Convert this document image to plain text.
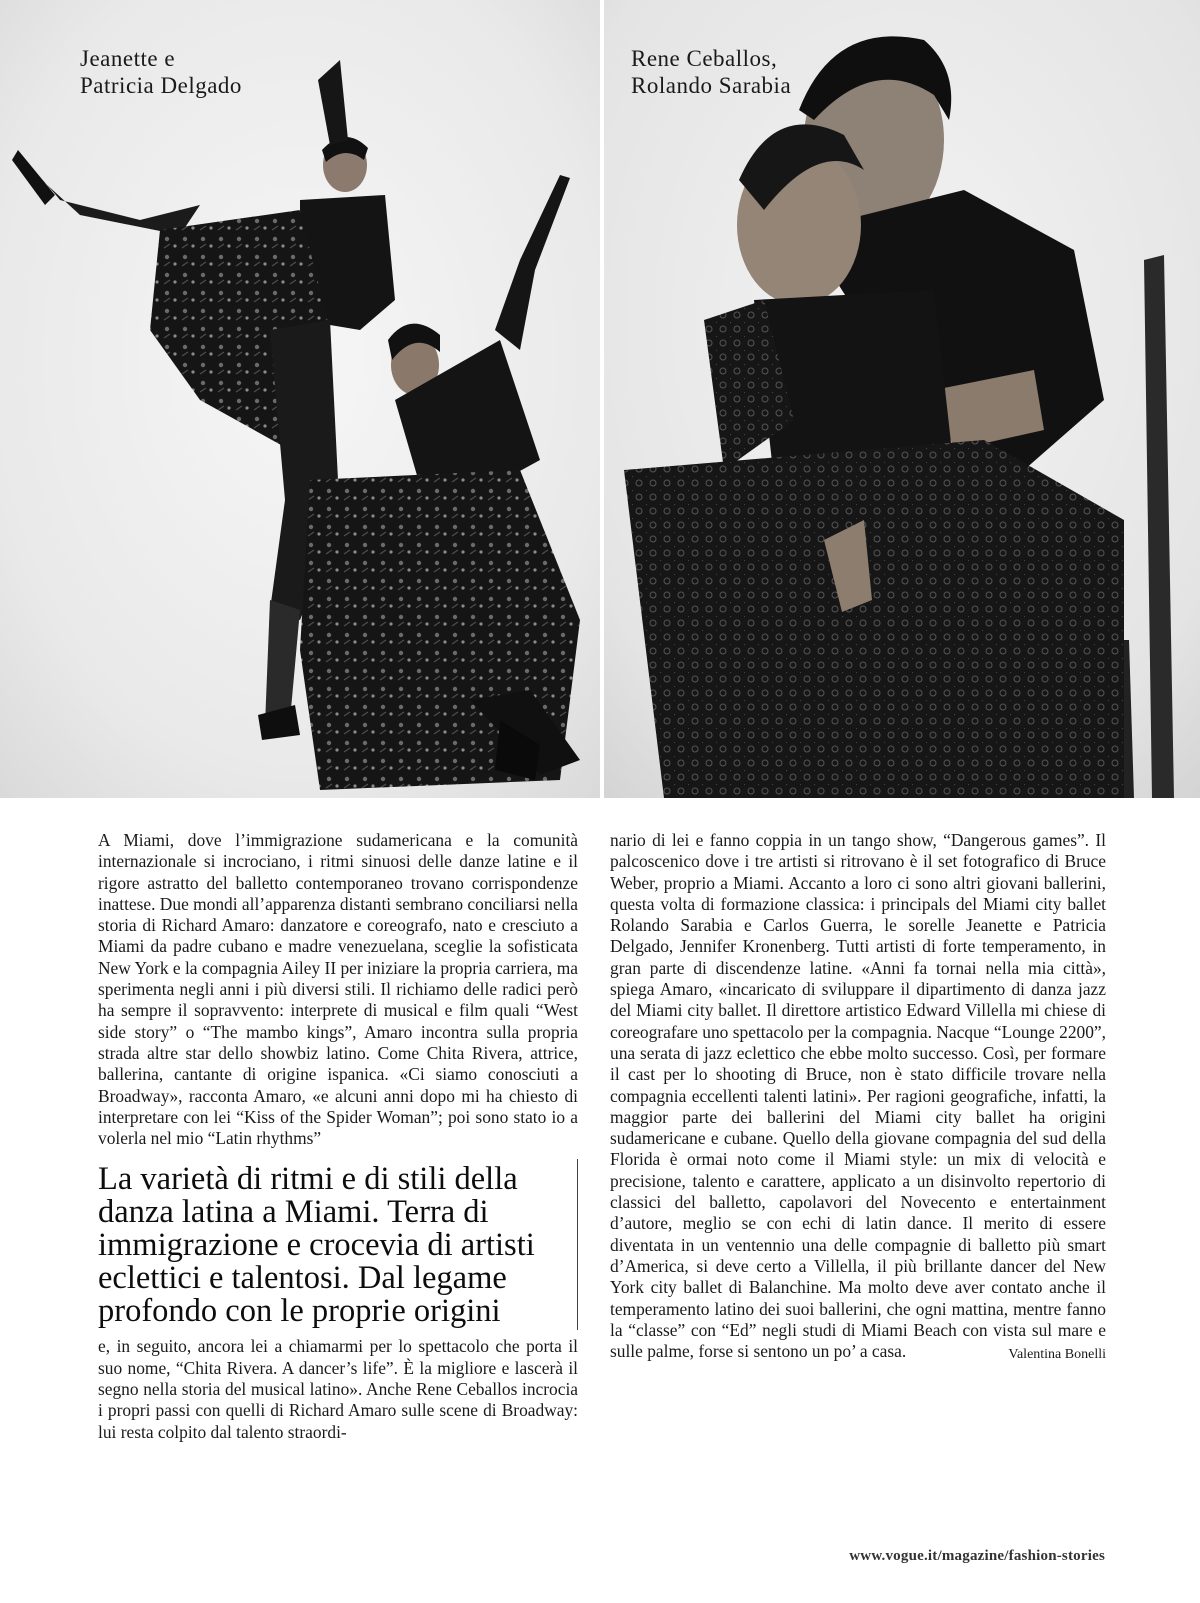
Jeanette e
Patricia Delgado
Rene Ceballos,
Rolando Sarabia

A Miami, dove l’immigrazione sudamericana e la comunità internazionale si incrociano, i ritmi sinuosi delle danze latine e il rigore astratto del balletto contemporaneo trovano corrispondenze inattese. Due mondi all’apparenza distanti sembrano conciliarsi nella storia di Richard Amaro: danzatore e coreografo, nato e cresciuto a Miami da padre cubano e madre venezuelana, sceglie la sofisticata New York e la compagnia Ailey II per iniziare la propria carriera, ma sperimenta negli anni i più diversi stili. Il richiamo delle radici però ha sempre il sopravvento: interprete di musical e film quali “West side story” o “The mambo kings”, Amaro incontra sulla propria strada altre star dello showbiz latino. Come Chita Rivera, attrice, ballerina, cantante di origine ispanica. «Ci siamo conosciuti a Broadway», racconta Amaro, «e alcuni anni dopo mi ha chiesto di interpretare con lei “Kiss of the Spider Woman”; poi sono stato io a volerla nel mio “Latin rhythms”

La varietà di ritmi e di stili della danza latina a Miami. Terra di immigrazione e crocevia di artisti eclettici e talentosi. Dal legame profondo con le proprie origini

e, in seguito, ancora lei a chiamarmi per lo spettacolo che porta il suo nome, “Chita Rivera. A dancer’s life”. È la migliore e lascerà il segno nella storia del musical latino». Anche Rene Ceballos incrocia i propri passi con quelli di Richard Amaro sulle scene di Broadway: lui resta colpito dal talento straordi-

nario di lei e fanno coppia in un tango show, “Dangerous games”. Il palcoscenico dove i tre artisti si ritrovano è il set fotografico di Bruce Weber, proprio a Miami. Accanto a loro ci sono altri giovani ballerini, questa volta di formazione classica: i principals del Miami city ballet Rolando Sarabia e Carlos Guerra, le sorelle Jeanette e Patricia Delgado, Jennifer Kronenberg. Tutti artisti di forte temperamento, in gran parte di discendenze latine. «Anni fa tornai nella mia città», spiega Amaro, «incaricato di sviluppare il dipartimento di danza jazz del Miami city ballet. Il direttore artistico Edward Villella mi chiese di coreografare uno spettacolo per la compagnia. Nacque “Lounge 2200”, una serata di jazz eclettico che ebbe molto successo. Così, per formare il cast per lo shooting di Bruce, non è stato difficile trovare nella compagnia eccellenti talenti latini». Per ragioni geografiche, infatti, la maggior parte dei ballerini del Miami city ballet ha origini sudamericane e cubane. Quello della giovane compagnia del sud della Florida è ormai noto come il Miami style: un mix di velocità e precisione, talento e carattere, applicato a un disinvolto repertorio di classici del balletto, capolavori del Novecento e entertainment d’autore, meglio se con echi di latin dance. Il merito di essere diventata in un ventennio una delle compagnie di balletto più smart d’America, si deve certo a Villella, il più brillante dancer del New York city ballet di Balanchine. Ma molto deve aver contato anche il temperamento latino dei suoi ballerini, che ogni mattina, mentre fanno la “classe” con “Ed” negli studi di Miami Beach con vista sul mare e sulle palme, forse si sentono un po’ a casa.	Valentina Bonelli

www.vogue.it/magazine/fashion-stories
